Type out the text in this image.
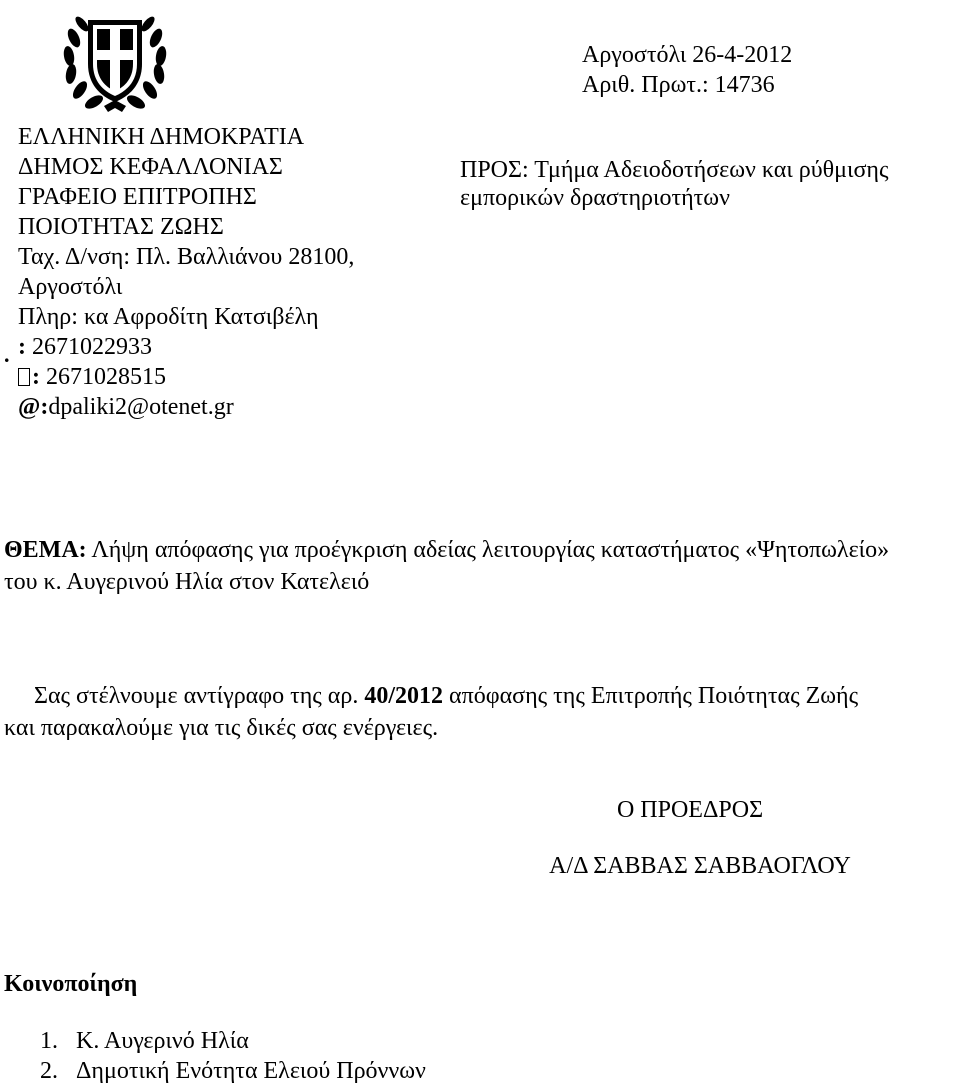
ΕΛΛΗΝΙΚΗ ΔΗΜΟΚΡΑΤΙΑ
ΔΗΜΟΣ ΚΕΦΑΛΛΟΝΙΑΣ
ΓΡΑΦΕΙΟ ΕΠΙΤΡΟΠΗΣ
ΠΟΙΟΤΗΤΑΣ ΖΩΗΣ
Ταχ. Δ/νση: Πλ. Βαλλιάνου 28100,
Αργοστόλι
Πληρ: κα Αφροδίτη Κατσιβέλη
: 2671022933
: 2671028515
@:dpaliki2@otenet.gr
.
Αργοστόλι 26-4-2012
Αριθ. Πρωτ.: 14736
ΠΡΟΣ: Τμήμα Αδειοδοτήσεων και ρύθμισης
εμπορικών δραστηριοτήτων
ΘΕΜΑ: Λήψη απόφασης για προέγκριση αδείας λειτουργίας καταστήματος «Ψητοπωλείο»
του κ. Αυγερινού Ηλία στον Κατελειό
Σας στέλνουμε αντίγραφο της αρ. 40/2012 απόφασης της Επιτροπής Ποιότητας Ζωής
και παρακαλούμε για τις δικές σας ενέργειες.
Ο ΠΡΟΕΔΡΟΣ
Α/Δ ΣΑΒΒΑΣ ΣΑΒΒΑΟΓΛΟΥ
Κοινοποίηση
1. Κ. Αυγερινό Ηλία
2. Δημοτική Ενότητα Ελειού Πρόννων
